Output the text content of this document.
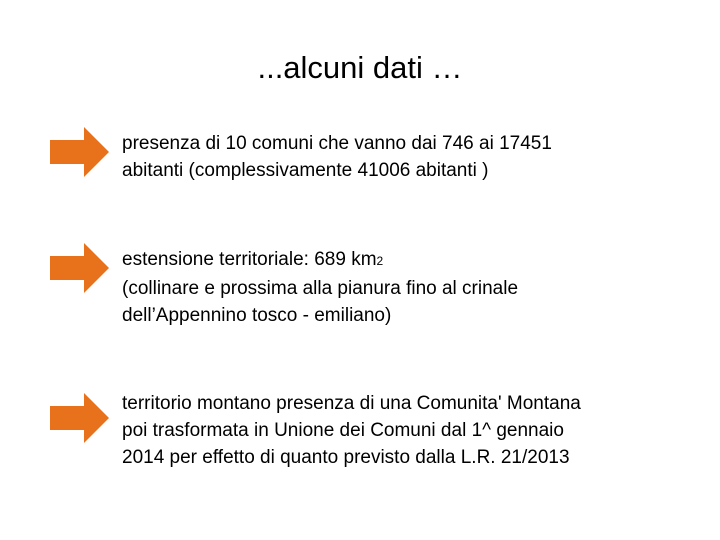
...alcuni dati …
presenza di 10 comuni che vanno dai 746 ai 17451
abitanti (complessivamente 41006 abitanti )
estensione territoriale: 689 km2
(collinare e prossima alla pianura fino al crinale
dell’Appennino tosco - emiliano)
territorio montano presenza di una Comunita' Montana
poi trasformata in Unione dei Comuni dal 1^ gennaio
2014 per effetto di quanto previsto dalla L.R. 21/2013
